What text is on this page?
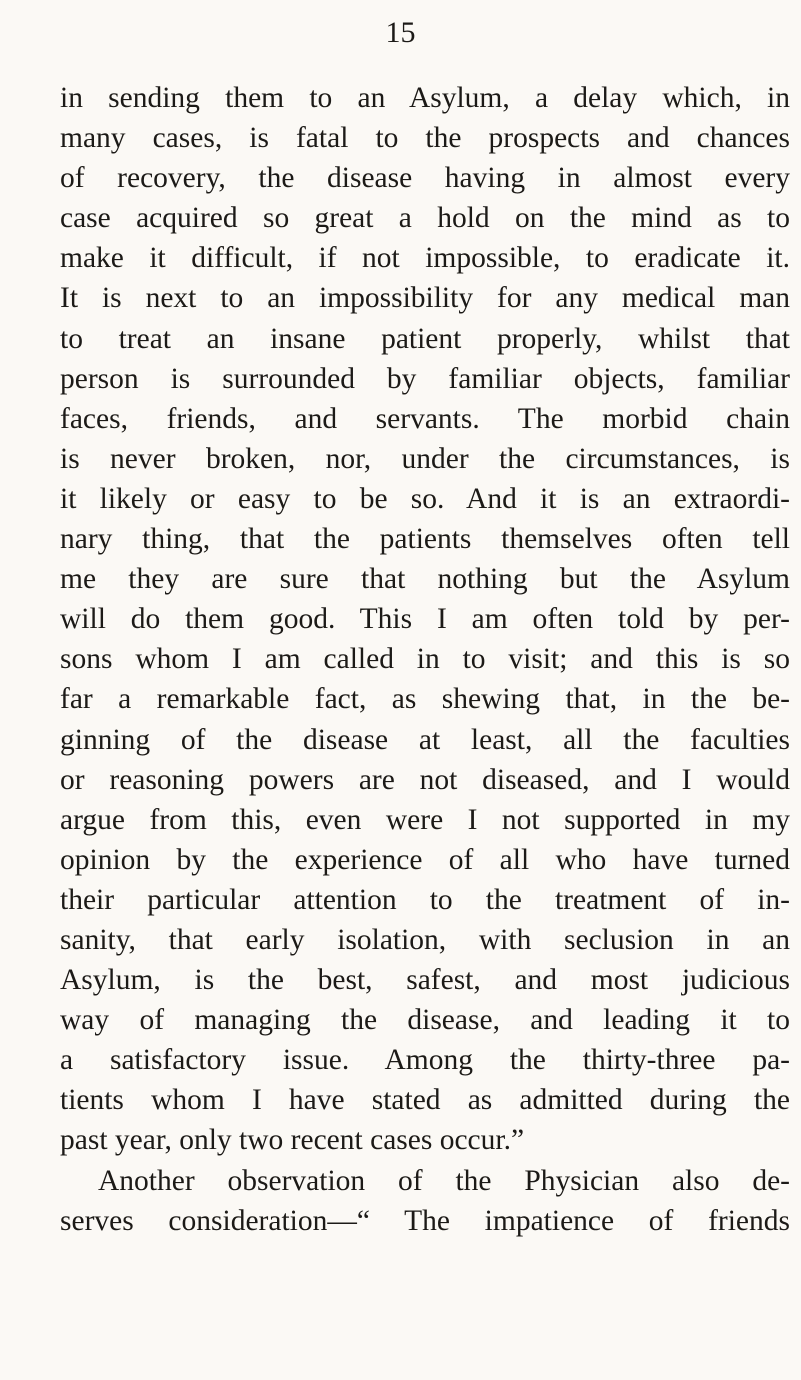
15
in sending them to an Asylum, a delay which, in
many cases, is fatal to the prospects and chances
of recovery, the disease having in almost every
case acquired so great a hold on the mind as to
make it difficult, if not impossible, to eradicate it.
It is next to an impossibility for any medical man
to treat an insane patient properly, whilst that
person is surrounded by familiar objects, familiar
faces, friends, and servants. The morbid chain
is never broken, nor, under the circumstances, is
it likely or easy to be so. And it is an extraordi-
nary thing, that the patients themselves often tell
me they are sure that nothing but the Asylum
will do them good. This I am often told by per-
sons whom I am called in to visit; and this is so
far a remarkable fact, as shewing that, in the be-
ginning of the disease at least, all the faculties
or reasoning powers are not diseased, and I would
argue from this, even were I not supported in my
opinion by the experience of all who have turned
their particular attention to the treatment of in-
sanity, that early isolation, with seclusion in an
Asylum, is the best, safest, and most judicious
way of managing the disease, and leading it to
a satisfactory issue. Among the thirty-three pa-
tients whom I have stated as admitted during the
past year, only two recent cases occur.”
Another observation of the Physician also de-
serves consideration—“ The impatience of friends
